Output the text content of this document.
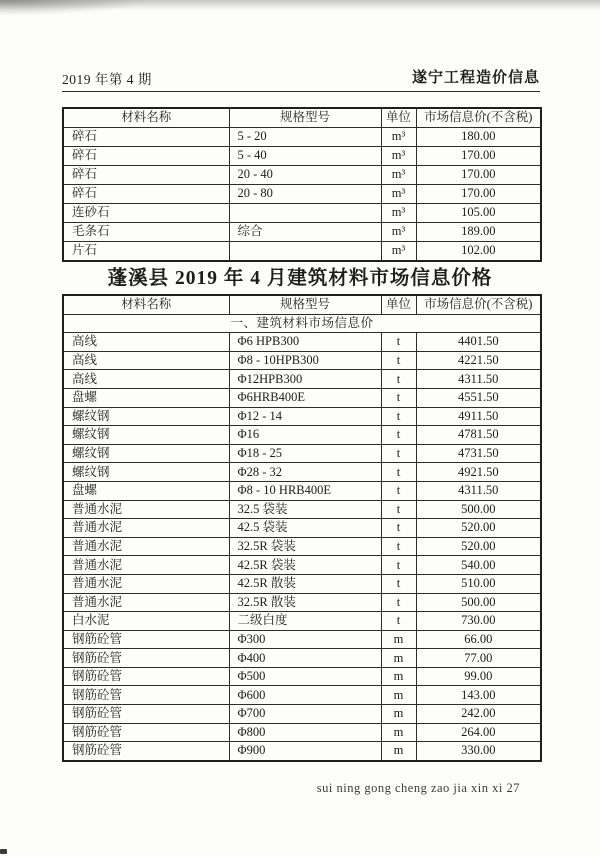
2019 年第 4 期	遂宁工程造价信息
材料名称	规格型号	单位	市场信息价(不含税)
碎石	5 - 20	m³	180.00
碎石	5 - 40	m³	170.00
碎石	20 - 40	m³	170.00
碎石	20 - 80	m³	170.00
连砂石		m³	105.00
毛条石	综合	m³	189.00
片石		m³	102.00
蓬溪县 2019 年 4 月建筑材料市场信息价格
材料名称	规格型号	单位	市场信息价(不含税)
一、建筑材料市场信息价			
高线	Φ6 HPB300	t	4401.50
高线	Φ8 - 10HPB300	t	4221.50
高线	Φ12HPB300	t	4311.50
盘螺	Φ6HRB400E	t	4551.50
螺纹钢	Φ12 - 14	t	4911.50
螺纹钢	Φ16	t	4781.50
螺纹钢	Φ18 - 25	t	4731.50
螺纹钢	Φ28 - 32	t	4921.50
盘螺	Φ8 - 10 HRB400E	t	4311.50
普通水泥	32.5 袋装	t	500.00
普通水泥	42.5 袋装	t	520.00
普通水泥	32.5R 袋装	t	520.00
普通水泥	42.5R 袋装	t	540.00
普通水泥	42.5R 散装	t	510.00
普通水泥	32.5R 散装	t	500.00
白水泥	二级白度	t	730.00
钢筋砼管	Φ300	m	66.00
钢筋砼管	Φ400	m	77.00
钢筋砼管	Φ500	m	99.00
钢筋砼管	Φ600	m	143.00
钢筋砼管	Φ700	m	242.00
钢筋砼管	Φ800	m	264.00
钢筋砼管	Φ900	m	330.00
sui ning gong cheng zao jia xin xi 27
